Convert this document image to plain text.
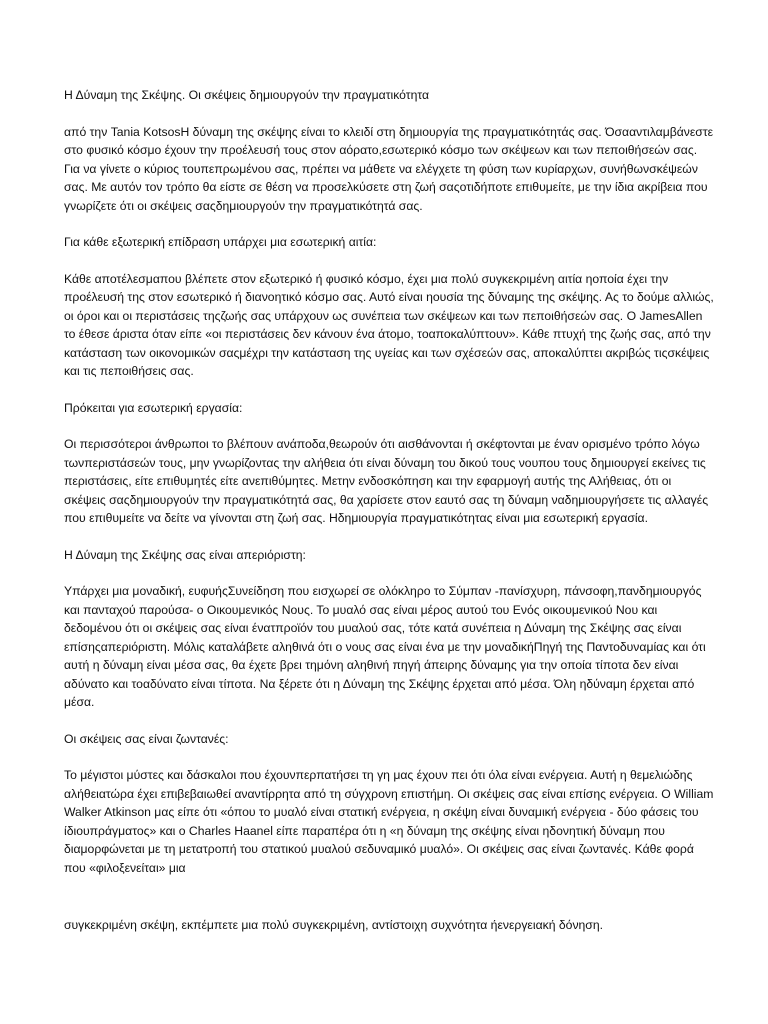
Η Δύναμη της Σκέψης. Οι σκέψεις δημιουργούν την πραγματικότητα

από την Tania KotsosΗ δύναμη της σκέψης είναι το κλειδί στη δημιουργία της πραγματικότητάς σας. Όσααντιλαμβάνεστε στο φυσικό κόσμο έχουν την προέλευσή τους στον αόρατο,εσωτερικό κόσμο των σκέψεων και των πεποιθήσεών σας. Για να γίνετε ο κύριος τουπεπρωμένου σας, πρέπει να μάθετε να ελέγχετε τη φύση των κυρίαρχων, συνήθωνσκέψεών σας. Με αυτόν τον τρόπο θα είστε σε θέση να προσελκύσετε στη ζωή σαςοτιδήποτε επιθυμείτε, με την ίδια ακρίβεια που γνωρίζετε ότι οι σκέψεις σαςδημιουργούν την πραγματικότητά σας.

Για κάθε εξωτερική επίδραση υπάρχει μια εσωτερική αιτία:

Κάθε αποτέλεσμαπου βλέπετε στον εξωτερικό ή φυσικό κόσμο, έχει μια πολύ συγκεκριμένη αιτία ηοποία έχει την προέλευσή της στον εσωτερικό ή διανοητικό κόσμο σας. Αυτό είναι ηουσία της δύναμης της σκέψης. Ας το δούμε αλλιώς, οι όροι και οι περιστάσεις τηςζωής σας υπάρχουν ως συνέπεια των σκέψεων και των πεποιθήσεών σας. Ο JamesAllen το έθεσε άριστα όταν είπε «οι περιστάσεις δεν κάνουν ένα άτομο, τοαποκαλύπτουν». Κάθε πτυχή της ζωής σας, από την κατάσταση των οικονομικών σαςμέχρι την κατάσταση της υγείας και των σχέσεών σας, αποκαλύπτει ακριβώς τιςσκέψεις και τις πεποιθήσεις σας.

Πρόκειται για εσωτερική εργασία:

Οι περισσότεροι άνθρωποι το βλέπουν ανάποδα,θεωρούν ότι αισθάνονται ή σκέφτονται με έναν ορισμένο τρόπο λόγω τωνπεριστάσεών τους, μην γνωρίζοντας την αλήθεια ότι είναι δύναμη του δικού τους νουπου τους δημιουργεί εκείνες τις περιστάσεις, είτε επιθυμητές είτε ανεπιθύμητες. Μετην ενδοσκόπηση και την εφαρμογή αυτής της Αλήθειας, ότι οι σκέψεις σαςδημιουργούν την πραγματικότητά σας, θα χαρίσετε στον εαυτό σας τη δύναμη ναδημιουργήσετε τις αλλαγές που επιθυμείτε να δείτε να γίνονται στη ζωή σας. Ηδημιουργία πραγματικότητας είναι μια εσωτερική εργασία.

Η Δύναμη της Σκέψης σας είναι απεριόριστη:

Υπάρχει μια μοναδική, ευφυήςΣυνείδηση που εισχωρεί σε ολόκληρο το Σύμπαν -πανίσχυρη, πάνσοφη,πανδημιουργός και πανταχού παρούσα- ο Οικουμενικός Νους. Το μυαλό σας είναι μέρος αυτού του Ενός οικουμενικού Νου και δεδομένου ότι οι σκέψεις σας είναι ένατπροϊόν του μυαλού σας, τότε κατά συνέπεια η Δύναμη της Σκέψης σας είναι επίσηςαπεριόριστη. Μόλις καταλάβετε αληθινά ότι ο νους σας είναι ένα με την μοναδικήΠηγή της Παντοδυναμίας και ότι αυτή η δύναμη είναι μέσα σας, θα έχετε βρει τημόνη αληθινή πηγή άπειρης δύναμης για την οποία τίποτα δεν είναι αδύνατο και τοαδύνατο είναι τίποτα. Να ξέρετε ότι η Δύναμη της Σκέψης έρχεται από μέσα. Όλη ηδύναμη έρχεται από μέσα.

Οι σκέψεις σας είναι ζωντανές:

Το μέγιστοι μύστες και δάσκαλοι που έχουνπερπατήσει τη γη μας έχουν πει ότι όλα είναι ενέργεια. Αυτή η θεμελιώδης αλήθειατώρα έχει επιβεβαιωθεί αναντίρρητα από τη σύγχρονη επιστήμη. Οι σκέψεις σας είναι επίσης ενέργεια. Ο William Walker Atkinson μας είπε ότι «όπου το μυαλό είναι στατική ενέργεια, η σκέψη είναι δυναμική ενέργεια - δύο φάσεις του ίδιουπράγματος» και ο Charles Haanel είπε παραπέρα ότι η «η δύναμη της σκέψης είναι ηδονητική δύναμη που διαμορφώνεται με τη μετατροπή του στατικού μυαλού σεδυναμικό μυαλό». Οι σκέψεις σας είναι ζωντανές. Κάθε φορά που «φιλοξενείται» μια

συγκεκριμένη σκέψη, εκπέμπετε μια πολύ συγκεκριμένη, αντίστοιχη συχνότητα ήενεργειακή δόνηση.
